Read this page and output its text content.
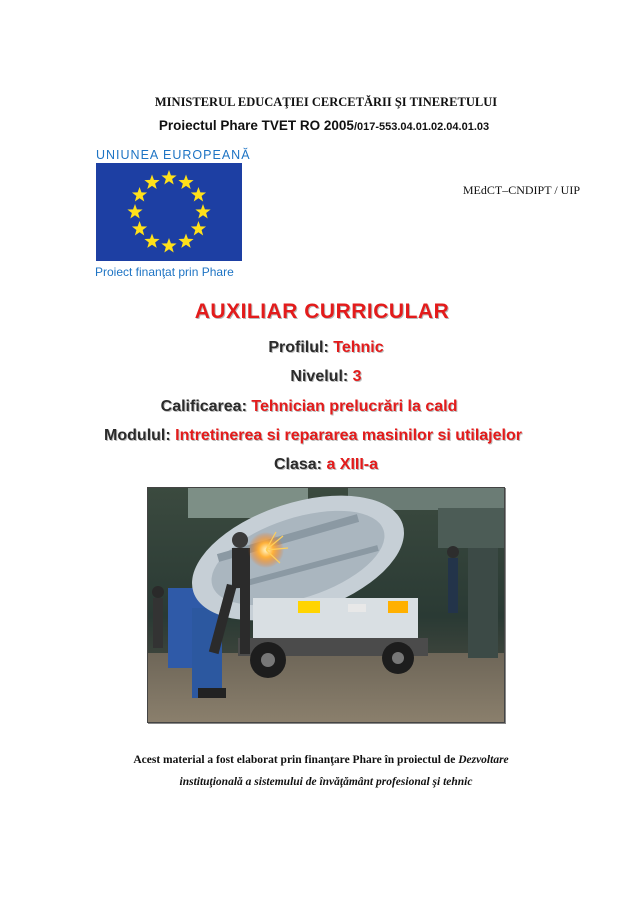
MINISTERUL EDUCAŢIEI CERCETĂRII ŞI TINERETULUI
Proiectul Phare TVET RO 2005/017-553.04.01.02.04.01.03
UNIUNEA EUROPEANĂ
Proiect finanţat prin Phare
MEdCT–CNDIPT / UIP
AUXILIAR CURRICULAR
Profilul: Tehnic
Nivelul: 3
Calificarea: Tehnician prelucrări la cald
Modulul: Intretinerea si repararea masinilor si utilajelor
Clasa: a XIII-a
Acest material a fost elaborat prin finanţare Phare în proiectul de Dezvoltare
instituţională a sistemului de învăţământ profesional şi tehnic
